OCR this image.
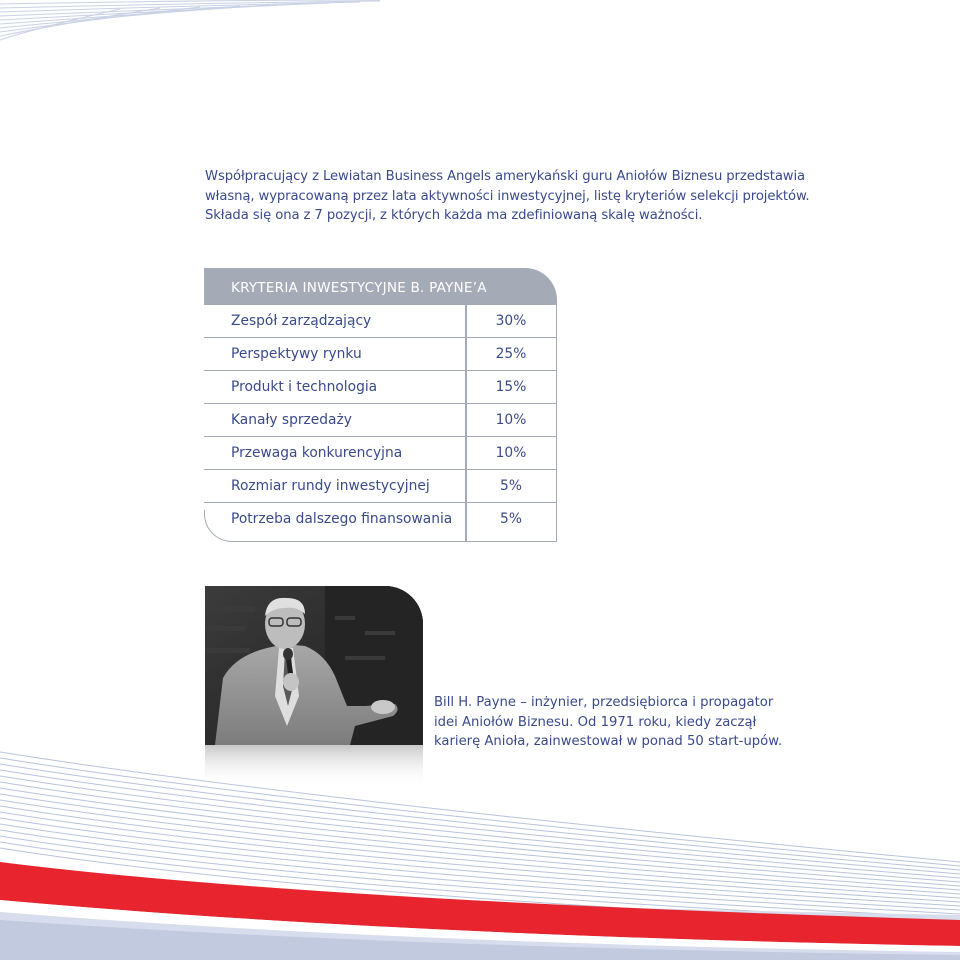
Współpracujący z Lewiatan Business Angels amerykański guru Aniołów Biznesu przedstawia
własną, wypracowaną przez lata aktywności inwestycyjnej, listę kryteriów selekcji projektów.
Składa się ona z 7 pozycji, z których każda ma zdefiniowaną skalę ważności.

KRYTERIA INWESTYCYJNE B. PAYNE’A
Zespół zarządzający	30%
Perspektywy rynku	25%
Produkt i technologia	15%
Kanały sprzedaży	10%
Przewaga konkurencyjna	10%
Rozmiar rundy inwestycyjnej	5%
Potrzeba dalszego finansowania	5%

Bill H. Payne – inżynier, przedsiębiorca i propagator
idei Aniołów Biznesu. Od 1971 roku, kiedy zaczął
karierę Anioła, zainwestował w ponad 50 start-upów.
